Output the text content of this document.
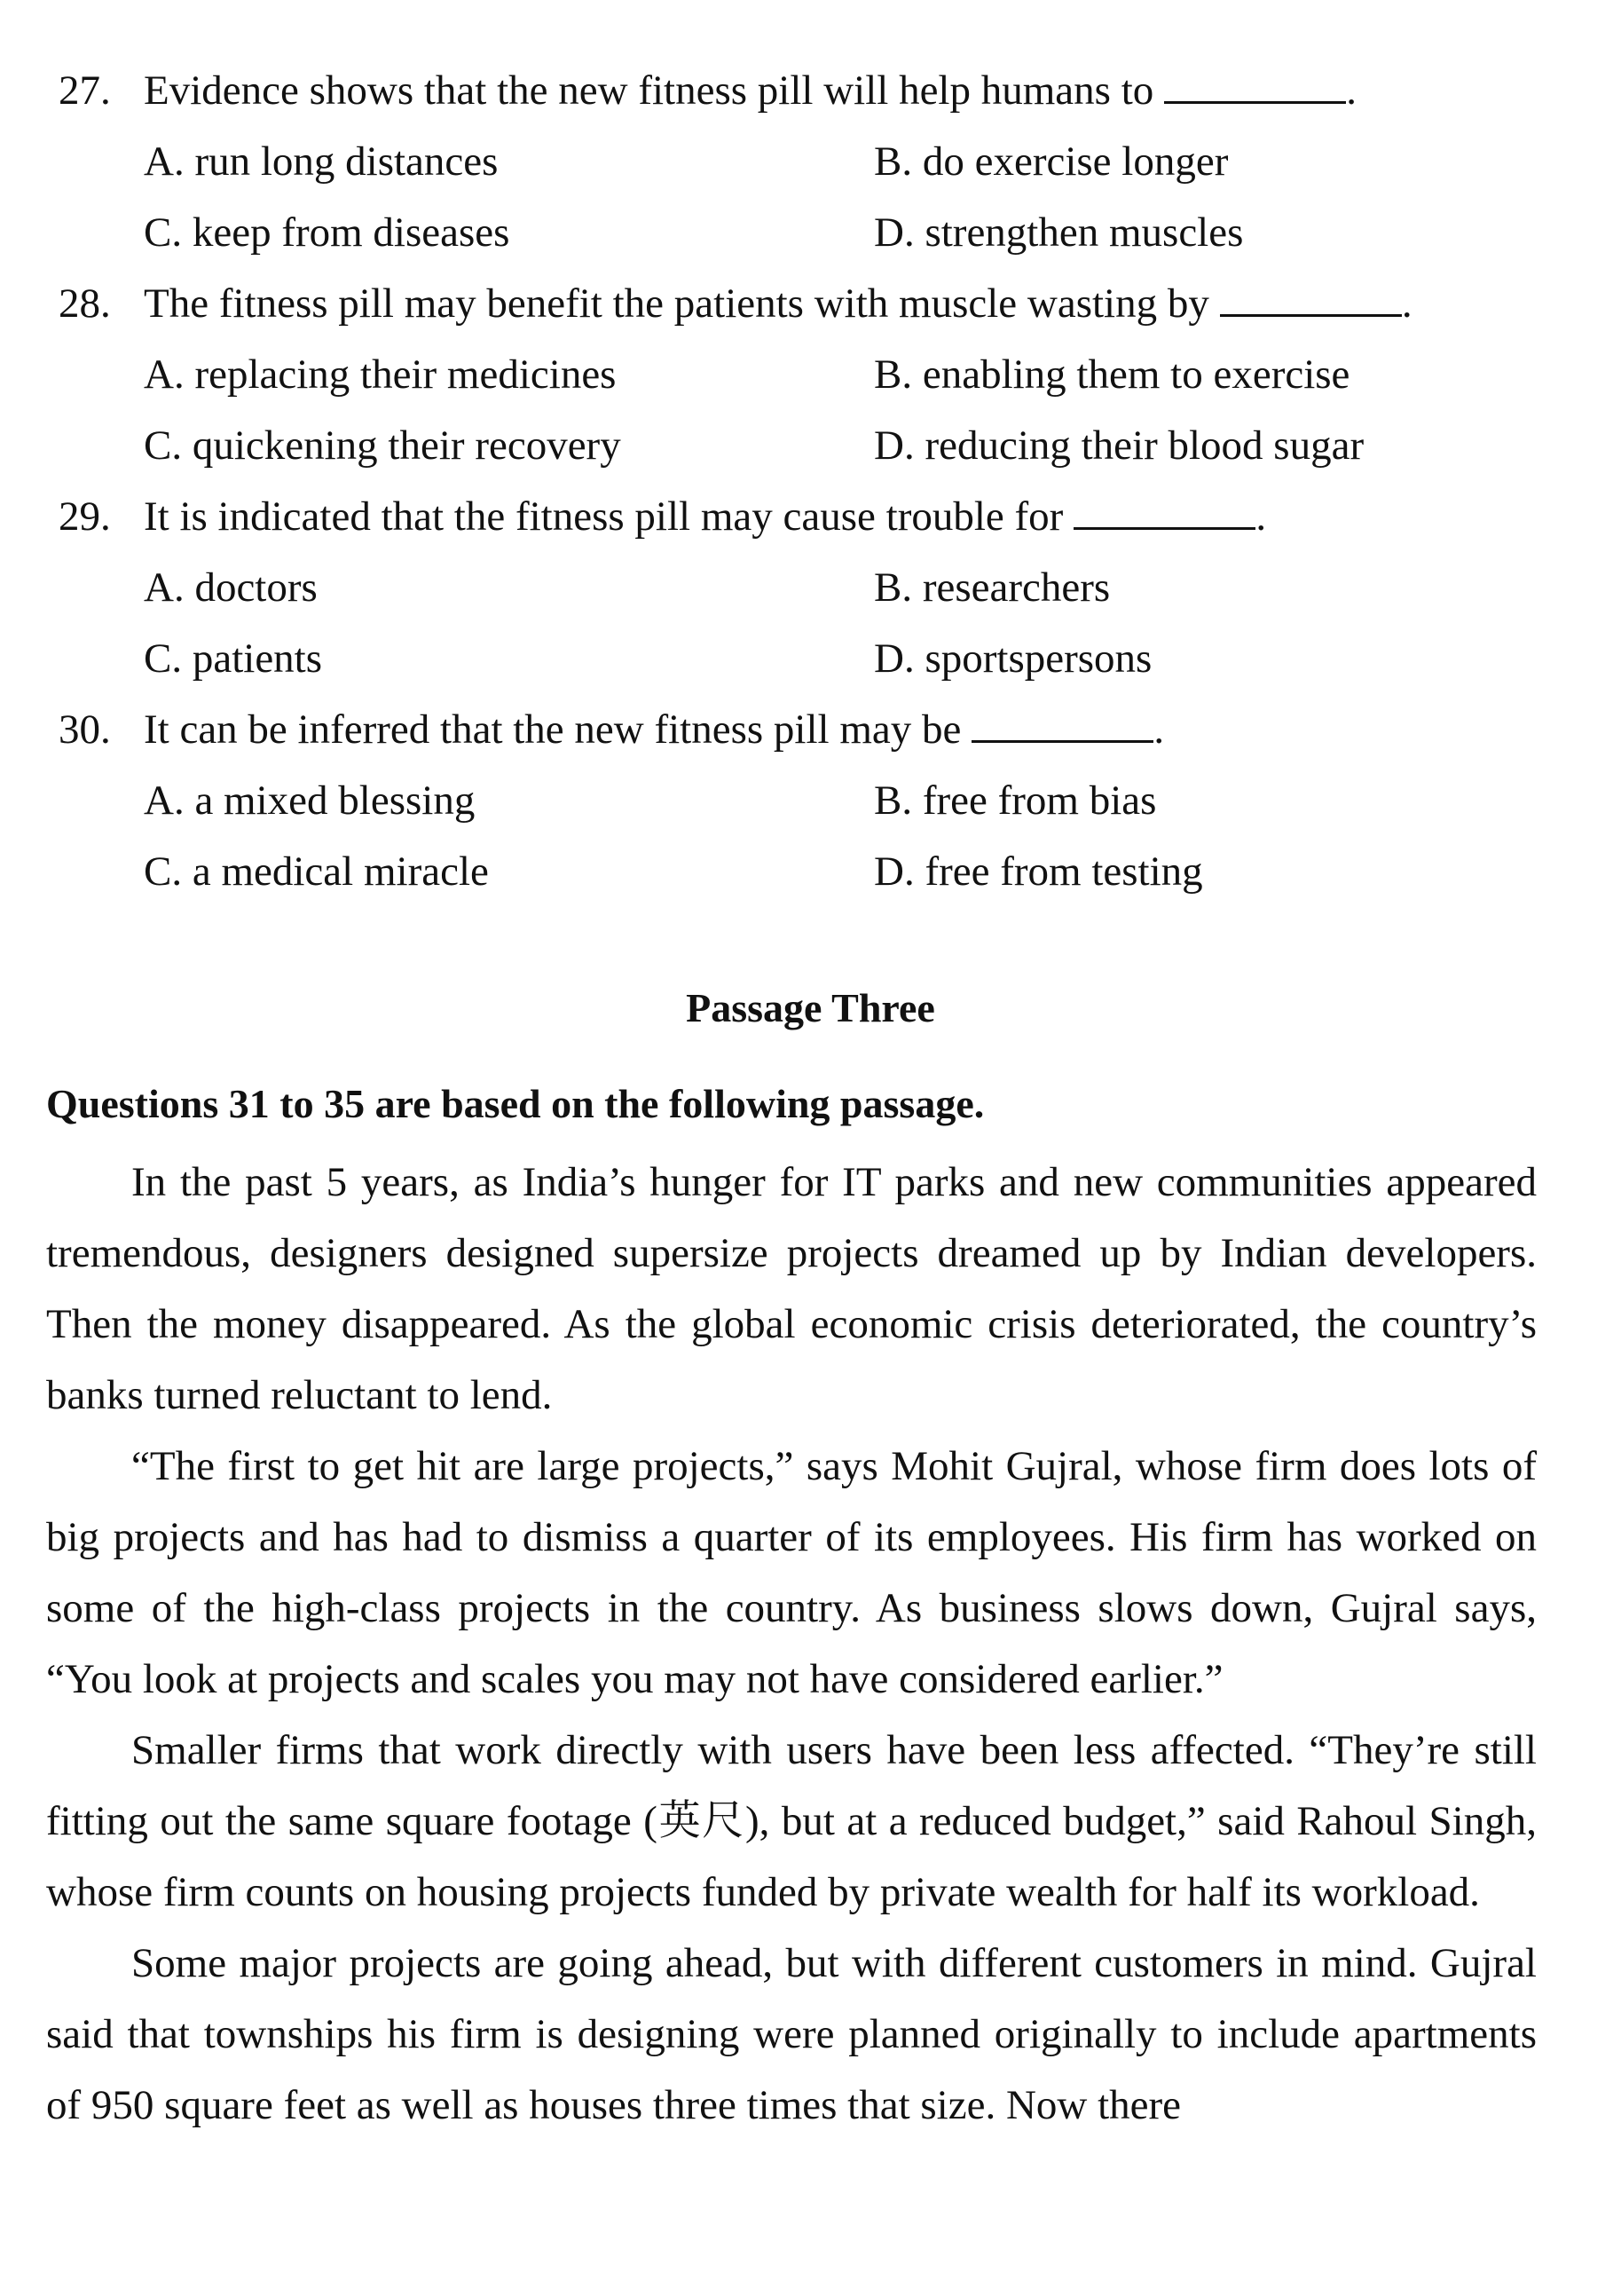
27. Evidence shows that the new fitness pill will help humans to	.
A. run long distances	B. do exercise longer
C. keep from diseases	D. strengthen muscles
28. The fitness pill may benefit the patients with muscle wasting by	.
A. replacing their medicines	B. enabling them to exercise
C. quickening their recovery	D. reducing their blood sugar
29. It is indicated that the fitness pill may cause trouble for	.
A. doctors	B. researchers
C. patients	D. sportspersons
30. It can be inferred that the new fitness pill may be	.
A. a mixed blessing	B. free from bias
C. a medical miracle	D. free from testing
Passage Three
Questions 31 to 35 are based on the following passage.

In the past 5 years, as India’s hunger for IT parks and new communities appeared tremendous, designers designed supersize projects dreamed up by Indian developers. Then the money disappeared. As the global economic crisis deteriorated, the country’s banks turned reluctant to lend.

“The first to get hit are large projects,” says Mohit Gujral, whose firm does lots of big projects and has had to dismiss a quarter of its employees. His firm has worked on some of the high-class projects in the country. As business slows down, Gujral says, “You look at projects and scales you may not have considered earlier.”

Smaller firms that work directly with users have been less affected. “They’re still fitting out the same square footage (英尺), but at a reduced budget,” said Rahoul Singh, whose firm counts on housing projects funded by private wealth for half its workload.

Some major projects are going ahead, but with different customers in mind. Gujral said that townships his firm is designing were planned originally to include apartments of 950 square feet as well as houses three times that size. Now there
